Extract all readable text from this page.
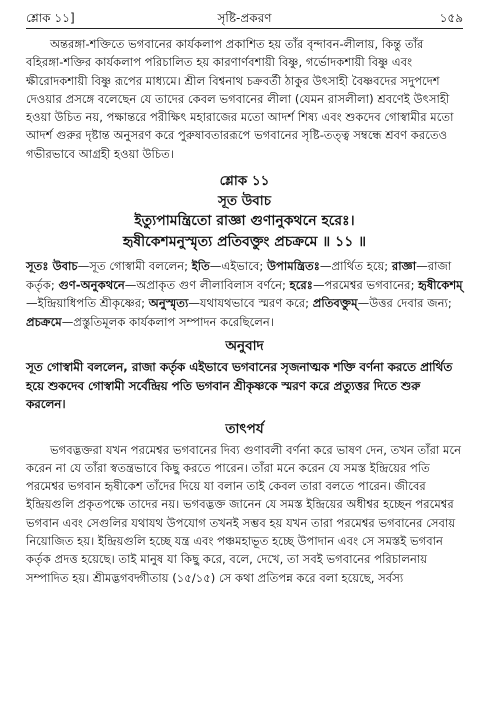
শ্লোক ১১]	সৃষ্টি-প্রকরণ	১৫৯

অন্তরঙ্গা-শক্তিতে ভগবানের কার্যকলাপ প্রকাশিত হয় তাঁর বৃন্দাবন-লীলায়, কিন্তু তাঁর বহিরঙ্গা-শক্তির কার্যকলাপ পরিচালিত হয় কারণার্ণবশায়ী বিষ্ণু, গর্ভোদকশায়ী বিষ্ণু এবং ক্ষীরোদকশায়ী বিষ্ণু রূপের মাধ্যমে। শ্রীল বিশ্বনাথ চক্রবর্তী ঠাকুর উৎসাহী বৈষ্ণবদের সদুপদেশ দেওয়ার প্রসঙ্গে বলেছেন যে তাদের কেবল ভগবানের লীলা (যেমন রাসলীলা) শ্রবণেই উৎসাহী হওয়া উচিত নয়, পক্ষান্তরে পরীক্ষিৎ মহারাজের মতো আদর্শ শিষ্য এবং শুকদেব গোস্বামীর মতো আদর্শ গুরুর দৃষ্টান্ত অনুসরণ করে পুরুষাবতাররূপে ভগবানের সৃষ্টি-তত্ত্ব সম্বন্ধে শ্রবণ করতেও গভীরভাবে আগ্রহী হওয়া উচিত।

শ্লোক ১১
সূত উবাচ
ইত্যুপামন্ত্রিতো রাজ্ঞা গুণানুকথনে হরেঃ।
হৃষীকেশমনুস্মৃত্য প্রতিবক্তুং প্রচক্রমে ॥ ১১ ॥
সূতঃ উবাচ—সূত গোস্বামী বললেন; ইতি—এইভাবে; উপামন্ত্রিতঃ—প্রার্থিত হয়ে; রাজ্ঞা—রাজা কর্তৃক; গুণ-অনুকথনে—অপ্রাকৃত গুণ লীলাবিলাস বর্ণনে; হরেঃ—পরমেশ্বর ভগবানের; হৃষীকেশম্—ইন্দ্রিয়াধিপতি শ্রীকৃষ্ণের; অনুস্মৃত্য—যথাযথভাবে স্মরণ করে; প্রতিবক্তুম্—উত্তর দেবার জন্য; প্রচক্রমে—প্রস্তুতিমূলক কার্যকলাপ সম্পাদন করেছিলেন।
অনুবাদ
সূত গোস্বামী বললেন, রাজা কর্তৃক এইভাবে ভগবানের সৃজনাত্মক শক্তি বর্ণনা করতে প্রার্থিত হয়ে শুকদেব গোস্বামী সর্বেন্দ্রিয় পতি ভগবান শ্রীকৃষ্ণকে স্মরণ করে প্রত্যুত্তর দিতে শুরু করলেন।
তাৎপর্য
ভগবদ্ভক্তরা যখন পরমেশ্বর ভগবানের দিব্য গুণাবলী বর্ণনা করে ভাষণ দেন, তখন তাঁরা মনে করেন না যে তাঁরা স্বতন্ত্রভাবে কিছু করতে পারেন। তাঁরা মনে করেন যে সমস্ত ইন্দ্রিয়ের পতি পরমেশ্বর ভগবান হৃষীকেশ তাঁদের দিয়ে যা বলান তাই কেবল তারা বলতে পারেন। জীবের ইন্দ্রিয়গুলি প্রকৃতপক্ষে তাদের নয়। ভগবদ্ভক্ত জানেন যে সমস্ত ইন্দ্রিয়ের অধীশ্বর হচ্ছেন পরমেশ্বর ভগবান এবং সেগুলির যথাযথ উপযোগ তখনই সম্ভব হয় যখন তারা পরমেশ্বর ভগবানের সেবায় নিয়োজিত হয়। ইন্দ্রিয়গুলি হচ্ছে যন্ত্র এবং পঞ্চমহাভূত হচ্ছে উপাদান এবং সে সমস্তই ভগবান কর্তৃক প্রদত্ত হয়েছে। তাই মানুষ যা কিছু করে, বলে, দেখে, তা সবই ভগবানের পরিচালনায় সম্পাদিত হয়। শ্রীমদ্ভগবদ্গীতায় (১৫/১৫) সে কথা প্রতিপন্ন করে বলা হয়েছে, সর্বস্য
